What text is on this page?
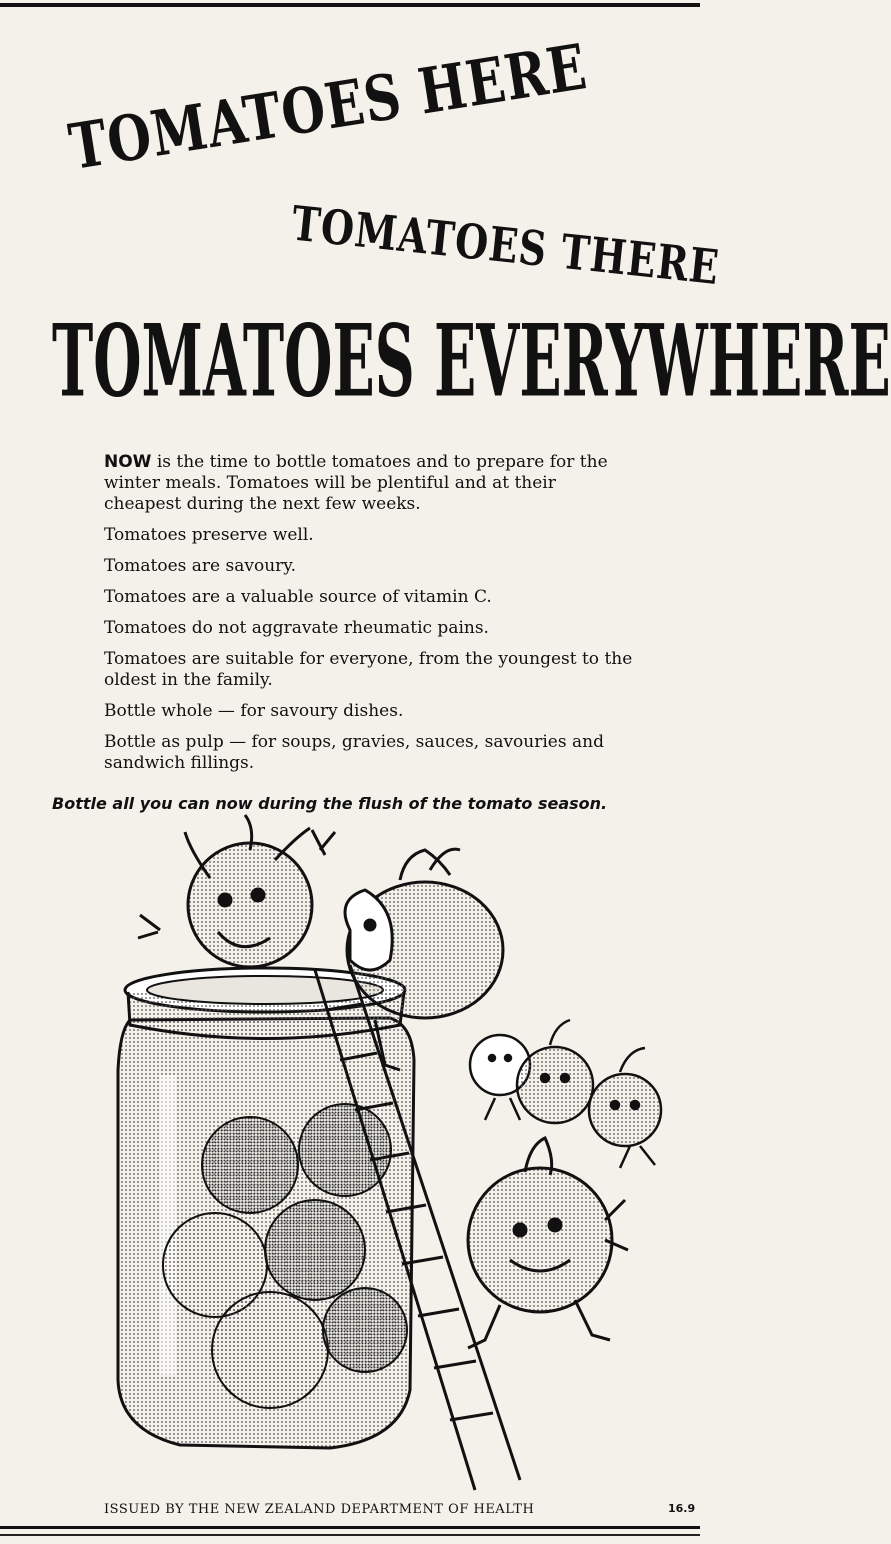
TOMATOES HERE
TOMATOES THERE
TOMATOES EVERYWHERE

NOW is the time to bottle tomatoes and to prepare for the winter meals. Tomatoes will be plentiful and at their cheapest during the next few weeks.

Tomatoes preserve well.

Tomatoes are savoury.

Tomatoes are a valuable source of vitamin C.

Tomatoes do not aggravate rheumatic pains.

Tomatoes are suitable for everyone, from the youngest to the oldest in the family.

Bottle whole — for savoury dishes.

Bottle as pulp — for soups, gravies, sauces, savouries and sandwich fillings.

Bottle all you can now during the flush of the tomato season.

ISSUED BY THE NEW ZEALAND DEPARTMENT OF HEALTH	16.9
